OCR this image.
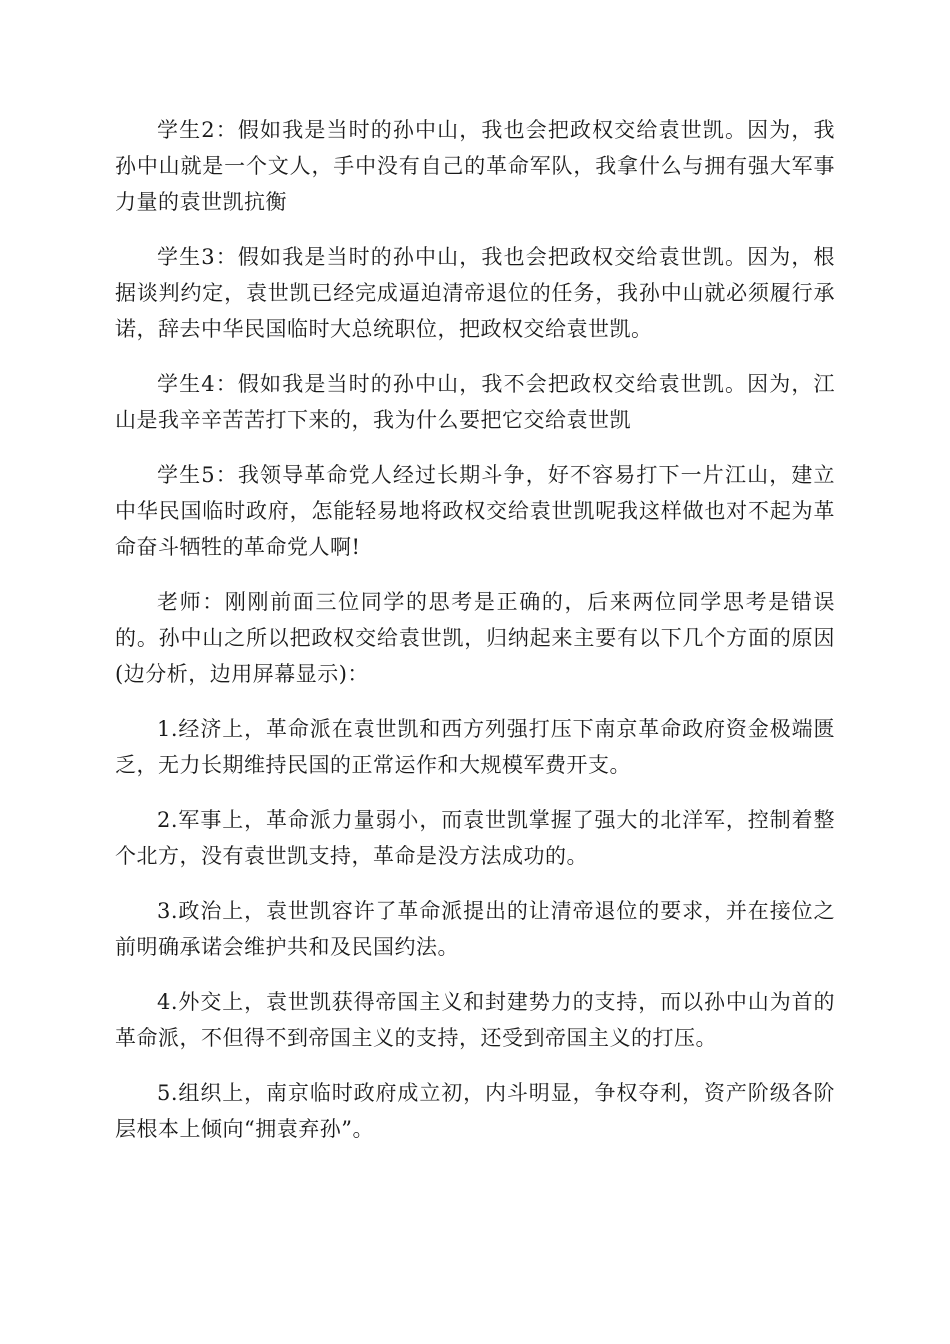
学生2：假如我是当时的孙中山，我也会把政权交给袁世凯。因为，我孙中山就是一个文人，手中没有自己的革命军队，我拿什么与拥有强大军事力量的袁世凯抗衡

学生3：假如我是当时的孙中山，我也会把政权交给袁世凯。因为，根据谈判约定，袁世凯已经完成逼迫清帝退位的任务，我孙中山就必须履行承诺，辞去中华民国临时大总统职位，把政权交给袁世凯。

学生4：假如我是当时的孙中山，我不会把政权交给袁世凯。因为，江山是我辛辛苦苦打下来的，我为什么要把它交给袁世凯

学生5：我领导革命党人经过长期斗争，好不容易打下一片江山，建立中华民国临时政府，怎能轻易地将政权交给袁世凯呢我这样做也对不起为革命奋斗牺牲的革命党人啊!

老师：刚刚前面三位同学的思考是正确的，后来两位同学思考是错误的。孙中山之所以把政权交给袁世凯，归纳起来主要有以下几个方面的原因(边分析，边用屏幕显示)：

1.经济上，革命派在袁世凯和西方列强打压下南京革命政府资金极端匮乏，无力长期维持民国的正常运作和大规模军费开支。

2.军事上，革命派力量弱小，而袁世凯掌握了强大的北洋军，控制着整个北方，没有袁世凯支持，革命是没方法成功的。

3.政治上，袁世凯容许了革命派提出的让清帝退位的要求，并在接位之前明确承诺会维护共和及民国约法。

4.外交上，袁世凯获得帝国主义和封建势力的支持，而以孙中山为首的革命派，不但得不到帝国主义的支持，还受到帝国主义的打压。

5.组织上，南京临时政府成立初，内斗明显，争权夺利，资产阶级各阶层根本上倾向“拥袁弃孙”。
